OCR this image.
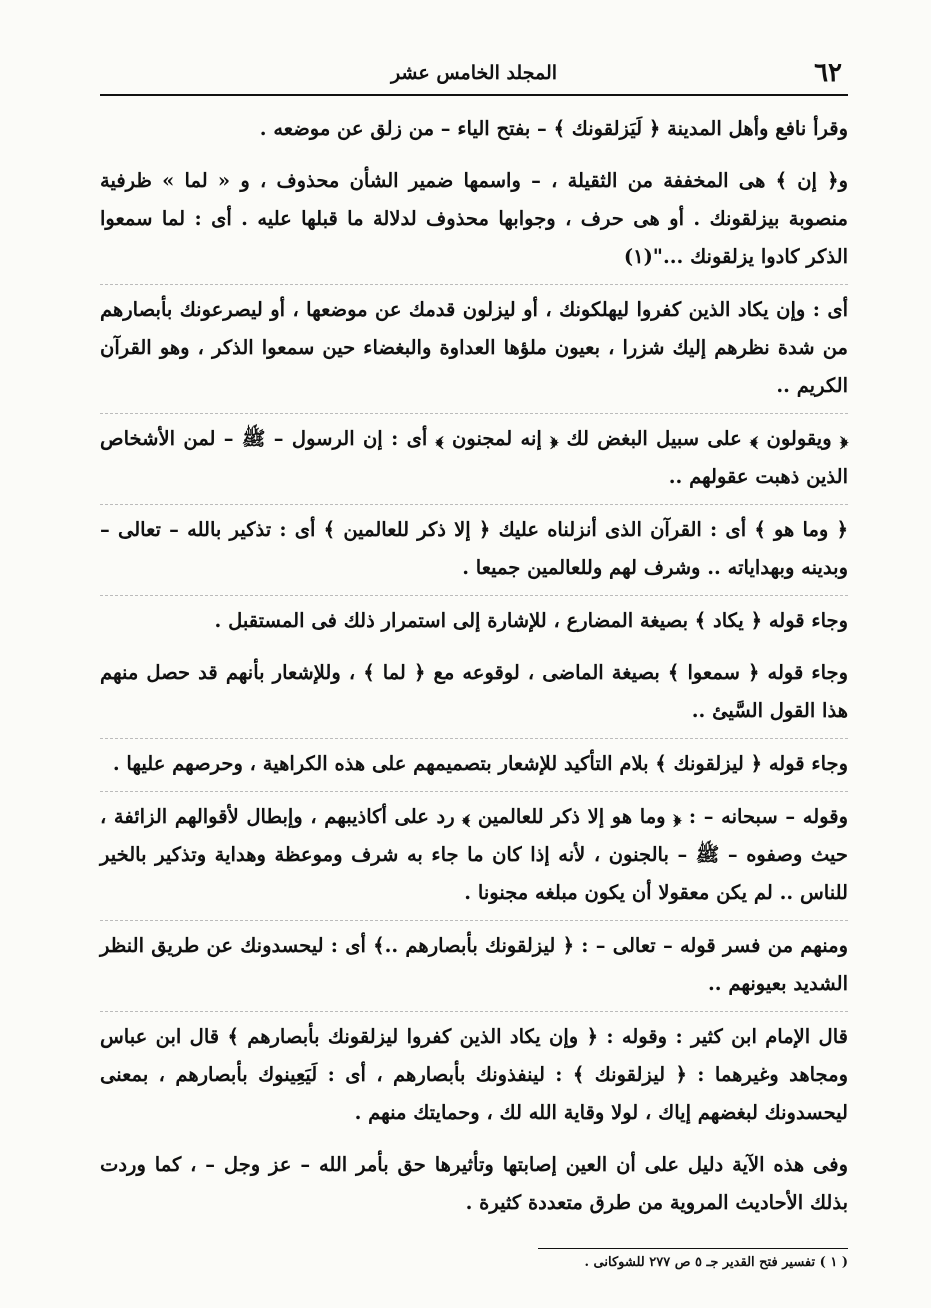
٦٢
المجلد الخامس عشر

وقرأ نافع وأهل المدينة ﴿ لَيَزلقونك ﴾ – بفتح الياء – من زلق عن موضعه .

و﴿ إن ﴾ هى المخففة من الثقيلة ، – واسمها ضمير الشأن محذوف ، و « لما » ظرفية منصوبة بيزلقونك . أو هى حرف ، وجوابها محذوف لدلالة ما قبلها عليه . أى : لما سمعوا الذكر كادوا يزلقونك ..."(١)

أى : وإن يكاد الذين كفروا ليهلكونك ، أو ليزلون قدمك عن موضعها ، أو ليصرعونك بأبصارهم من شدة نظرهم إليك شزرا ، بعيون ملؤها العداوة والبغضاء حين سمعوا الذكر ، وهو القرآن الكريم ..

﴿ ويقولون ﴾ على سبيل البغض لك ﴿ إنه لمجنون ﴾ أى : إن الرسول – ﷺ – لمن الأشخاص الذين ذهبت عقولهم ..

﴿ وما هو ﴾ أى : القرآن الذى أنزلناه عليك ﴿ إلا ذكر للعالمين ﴾ أى : تذكير بالله – تعالى – وبدينه وبهداياته .. وشرف لهم وللعالمين جميعا .

وجاء قوله ﴿ يكاد ﴾ بصيغة المضارع ، للإشارة إلى استمرار ذلك فى المستقبل .

وجاء قوله ﴿ سمعوا ﴾ بصيغة الماضى ، لوقوعه مع ﴿ لما ﴾ ، وللإشعار بأنهم قد حصل منهم هذا القول السَّيئ ..

وجاء قوله ﴿ ليزلقونك ﴾ بلام التأكيد للإشعار بتصميمهم على هذه الكراهية ، وحرصهم عليها .

وقوله – سبحانه – : ﴿ وما هو إلا ذكر للعالمين ﴾ رد على أكاذيبهم ، وإبطال لأقوالهم الزائفة ، حيث وصفوه – ﷺ – بالجنون ، لأنه إذا كان ما جاء به شرف وموعظة وهداية وتذكير بالخير للناس .. لم يكن معقولا أن يكون مبلغه مجنونا .

ومنهم من فسر قوله – تعالى – : ﴿ ليزلقونك بأبصارهم ..﴾ أى : ليحسدونك عن طريق النظر الشديد بعيونهم ..

قال الإمام ابن كثير : وقوله : ﴿ وإن يكاد الذين كفروا ليزلقونك بأبصارهم ﴾ قال ابن عباس ومجاهد وغيرهما : ﴿ ليزلقونك ﴾ : لينفذونك بأبصارهم ، أى : لَيَعِينوك بأبصارهم ، بمعنى ليحسدونك لبغضهم إياك ، لولا وقاية الله لك ، وحمايتك منهم .

وفى هذه الآية دليل على أن العين إصابتها وتأثيرها حق بأمر الله – عز وجل – ، كما وردت بذلك الأحاديث المروية من طرق متعددة كثيرة .

( ١ ) تفسير فتح القدير جـ ٥ ص ٢٧٧ للشوكانى .
